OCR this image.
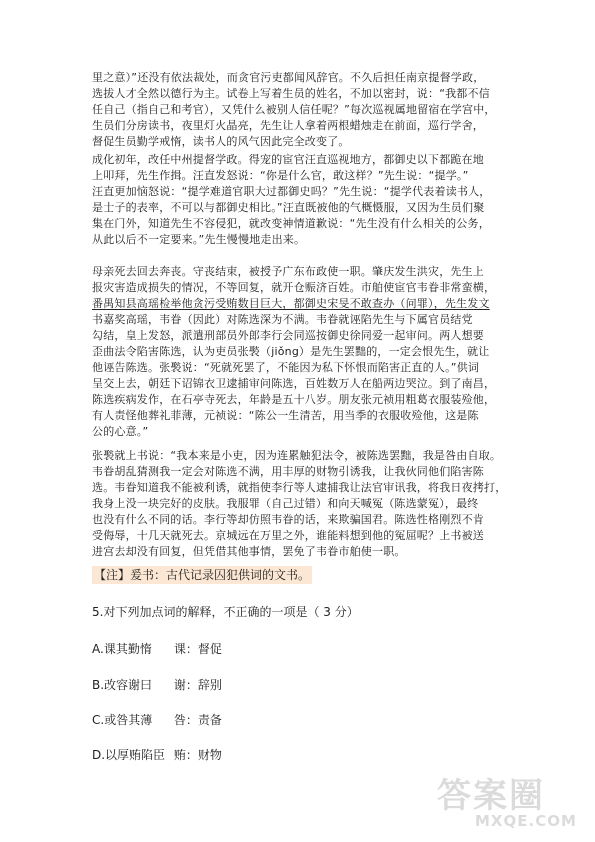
里之意）”还没有依法裁处，而贪官污吏都闻风辞官。不久后担任南京提督学政，
选拔人才全然以德行为主。试卷上写着生员的姓名，不加以密封，说：“我都不信
任自己（指自己和考官），又凭什么被别人信任呢？”每次巡视属地留宿在学宫中，
生员们分房读书，夜里灯火晶亮，先生让人拿着两根蜡烛走在前面，巡行学舍，
督促生员勤学戒惰，读书人的风气因此完全改变了。
成化初年，改任中州提督学政。得宠的宦官汪直巡视地方，都御史以下都跪在地
上叩拜，先生作揖。汪直发怒说：“你是什么官，敢这样？”先生说：“提学。”
汪直更加恼怒说：“提学难道官职大过都御史吗？”先生说：“提学代表着读书人，
是士子的表率，不可以与都御史相比。”汪直既被他的气概慑服，又因为生员们聚
集在门外，知道先生不容侵犯，就改变神情道歉说：“先生没有什么相关的公务，
从此以后不一定要来。”先生慢慢地走出来。
母亲死去回去奔丧。守丧结束，被授予广东布政使一职。肇庆发生洪灾，先生上
报灾害造成损失的情况，不等回复，就开仓赈济百姓。市舶使宦官韦眷非常蛮横，
番禺知县高瑶检举他贪污受贿数目巨大，都御史宋旻不敢查办（问罪），先生发文
书嘉奖高瑶，韦眷（因此）对陈选深为不满。韦眷就诬陷先生与下属官员结党
勾结，皇上发怒，派遣刑部员外郎李行会同巡按御史徐同爱一起审问。两人想要
歪曲法令陷害陈选，认为吏员张褧（jiǒng）是先生罢黜的，一定会恨先生，就让
他诬告陈选。张褧说：“死就死罢了，不能因为私下怀恨而陷害正直的人。”供词
呈交上去，朝廷下诏锦衣卫逮捕审问陈选，百姓数万人在船两边哭泣。到了南昌，
陈选疾病发作，在石亭寺死去，年龄是五十八岁。朋友张元祯用粗葛衣服装殓他，
有人责怪他葬礼菲薄，元祯说：“陈公一生清苦，用当季的衣服收殓他，这是陈
公的心意。”
张褧就上书说：“我本来是小吏，因为连累触犯法令，被陈选罢黜，我是咎由自取。
韦眷胡乱猜测我一定会对陈选不满，用丰厚的财物引诱我，让我伙同他们陷害陈
选。韦眷知道我不能被利诱，就指使李行等人逮捕我让法官审讯我，将我日夜拷打，
我身上没一块完好的皮肤。我服罪（自己过错）和向天喊冤（陈选蒙冤），最终
也没有什么不同的话。李行等却仿照韦眷的话，来欺骗国君。陈选性格刚烈不肯
受侮辱，十几天就死去。京城远在万里之外，谁能料想到他的冤屈呢？上书被送
进宫去却没有回复，但凭借其他事情，罢免了韦眷市舶使一职。
【注】爰书：古代记录囚犯供词的文书。
5.对下列加点词的解释，不正确的一项是（ 3 分）
A.课其勤惰 课：督促
B.改容谢曰 谢：辞别
C.或咎其薄 咎：责备
D.以厚贿陷臣 贿：财物
答案圈
MXQE.COM
